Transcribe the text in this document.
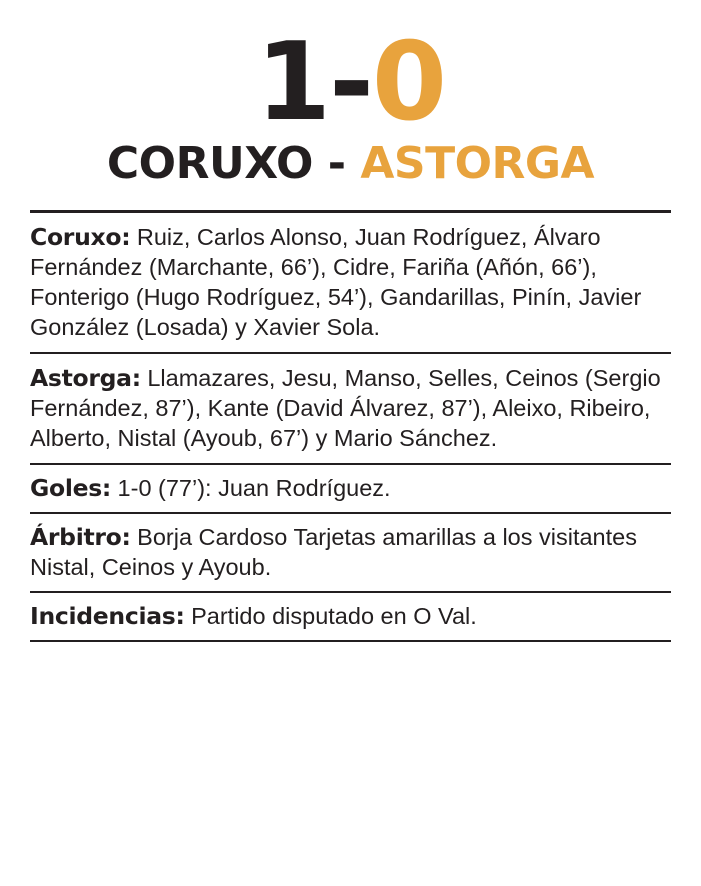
1-0
CORUXO - ASTORGA
Coruxo: Ruiz, Carlos Alonso, Juan Rodríguez, Álvaro Fernández (Marchante, 66’), Cidre, Fariña (Añón, 66’), Fonterigo (Hugo Rodríguez, 54’), Gandarillas, Pinín, Javier González (Losada) y Xavier Sola.
Astorga: Llamazares, Jesu, Manso, Selles, Ceinos (Sergio Fernández, 87’), Kante (David Álvarez, 87’), Aleixo, Ribeiro, Alberto, Nistal (Ayoub, 67’) y Mario Sánchez.
Goles: 1-0 (77’): Juan Rodríguez.
Árbitro: Borja Cardoso Tarjetas amarillas a los visitantes Nistal, Ceinos y Ayoub.
Incidencias: Partido disputado en O Val.
